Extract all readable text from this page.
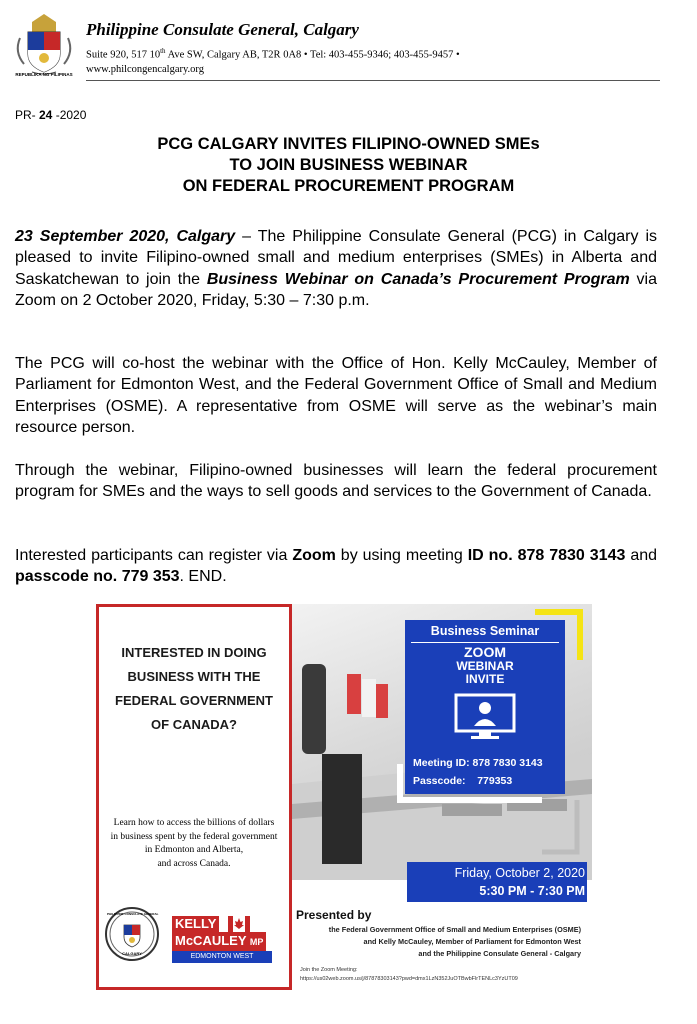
REPUBLIKA NG PILIPINAS
Philippine Consulate General, Calgary
Suite 920, 517 10th Ave SW, Calgary AB, T2R 0A8 • Tel: 403-455-9346; 403-455-9457 •
www.philcongencalgary.org
PR- 24 -2020
PCG CALGARY INVITES FILIPINO-OWNED SMEs
TO JOIN BUSINESS WEBINAR
ON FEDERAL PROCUREMENT PROGRAM
23 September 2020, Calgary – The Philippine Consulate General (PCG) in Calgary is pleased to invite Filipino-owned small and medium enterprises (SMEs) in Alberta and Saskatchewan to join the Business Webinar on Canada’s Procurement Program via Zoom on 2 October 2020, Friday, 5:30 – 7:30 p.m.
The PCG will co-host the webinar with the Office of Hon. Kelly McCauley, Member of Parliament for Edmonton West, and the Federal Government Office of Small and Medium Enterprises (OSME). A representative from OSME will serve as the webinar’s main resource person.
Through the webinar, Filipino-owned businesses will learn the federal procurement program for SMEs and the ways to sell goods and services to the Government of Canada.
Interested participants can register via Zoom by using meeting ID no. 878 7830 3143 and passcode no. 779 353. END.
Business Seminar
ZOOM
WEBINAR
INVITE
Meeting ID: 878 7830 3143
Passcode: 779353
Friday, October 2, 2020
5:30 PM - 7:30 PM
Presented by
the Federal Government Office of Small and Medium Enterprises (OSME)
and Kelly McCauley, Member of Parliament for Edmonton West
and the Philippine Consulate General - Calgary
Join the Zoom Meeting:
https://us02web.zoom.us/j/87878303143?pwd=dmx1LzN352JuOTBwbFlrTENLc3YzUT09
INTERESTED IN DOING
BUSINESS WITH THE
FEDERAL GOVERNMENT
OF CANADA?
Learn how to access the billions of dollars
in business spent by the federal government
in Edmonton and Alberta,
and across Canada.
PHILIPPINE CONSULATE GENERAL
CALGARY
KELLY
McCAULEY MP
EDMONTON WEST
